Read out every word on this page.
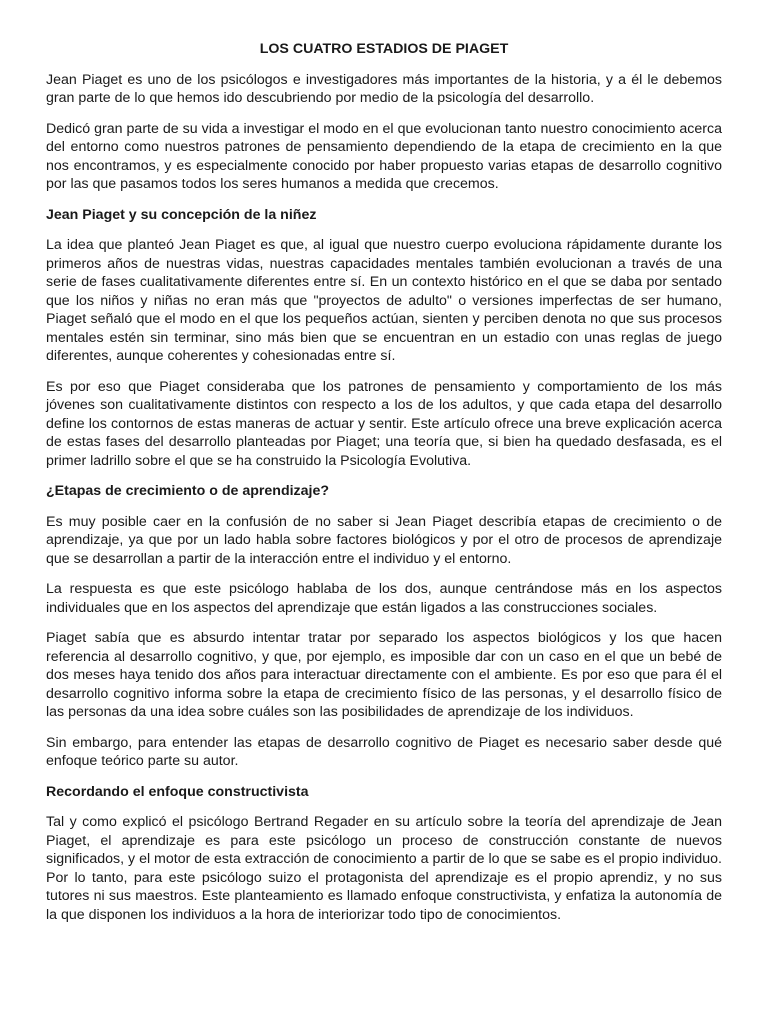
LOS CUATRO ESTADIOS DE PIAGET

Jean Piaget es uno de los psicólogos e investigadores más importantes de la historia, y a él le debemos gran parte de lo que hemos ido descubriendo por medio de la psicología del desarrollo.

Dedicó gran parte de su vida a investigar el modo en el que evolucionan tanto nuestro conocimiento acerca del entorno como nuestros patrones de pensamiento dependiendo de la etapa de crecimiento en la que nos encontramos, y es especialmente conocido por haber propuesto varias etapas de desarrollo cognitivo por las que pasamos todos los seres humanos a medida que crecemos.

Jean Piaget y su concepción de la niñez

La idea que planteó Jean Piaget es que, al igual que nuestro cuerpo evoluciona rápidamente durante los primeros años de nuestras vidas, nuestras capacidades mentales también evolucionan a través de una serie de fases cualitativamente diferentes entre sí. En un contexto histórico en el que se daba por sentado que los niños y niñas no eran más que "proyectos de adulto" o versiones imperfectas de ser humano, Piaget señaló que el modo en el que los pequeños actúan, sienten y perciben denota no que sus procesos mentales estén sin terminar, sino más bien que se encuentran en un estadio con unas reglas de juego diferentes, aunque coherentes y cohesionadas entre sí.

Es por eso que Piaget consideraba que los patrones de pensamiento y comportamiento de los más jóvenes son cualitativamente distintos con respecto a los de los adultos, y que cada etapa del desarrollo define los contornos de estas maneras de actuar y sentir. Este artículo ofrece una breve explicación acerca de estas fases del desarrollo planteadas por Piaget; una teoría que, si bien ha quedado desfasada, es el primer ladrillo sobre el que se ha construido la Psicología Evolutiva.

¿Etapas de crecimiento o de aprendizaje?

Es muy posible caer en la confusión de no saber si Jean Piaget describía etapas de crecimiento o de aprendizaje, ya que por un lado habla sobre factores biológicos y por el otro de procesos de aprendizaje que se desarrollan a partir de la interacción entre el individuo y el entorno.

La respuesta es que este psicólogo hablaba de los dos, aunque centrándose más en los aspectos individuales que en los aspectos del aprendizaje que están ligados a las construcciones sociales.

Piaget sabía que es absurdo intentar tratar por separado los aspectos biológicos y los que hacen referencia al desarrollo cognitivo, y que, por ejemplo, es imposible dar con un caso en el que un bebé de dos meses haya tenido dos años para interactuar directamente con el ambiente. Es por eso que para él el desarrollo cognitivo informa sobre la etapa de crecimiento físico de las personas, y el desarrollo físico de las personas da una idea sobre cuáles son las posibilidades de aprendizaje de los individuos.

Sin embargo, para entender las etapas de desarrollo cognitivo de Piaget es necesario saber desde qué enfoque teórico parte su autor.

Recordando el enfoque constructivista

Tal y como explicó el psicólogo Bertrand Regader en su artículo sobre la teoría del aprendizaje de Jean Piaget, el aprendizaje es para este psicólogo un proceso de construcción constante de nuevos significados, y el motor de esta extracción de conocimiento a partir de lo que se sabe es el propio individuo. Por lo tanto, para este psicólogo suizo el protagonista del aprendizaje es el propio aprendiz, y no sus tutores ni sus maestros. Este planteamiento es llamado enfoque constructivista, y enfatiza la autonomía de la que disponen los individuos a la hora de interiorizar todo tipo de conocimientos.
